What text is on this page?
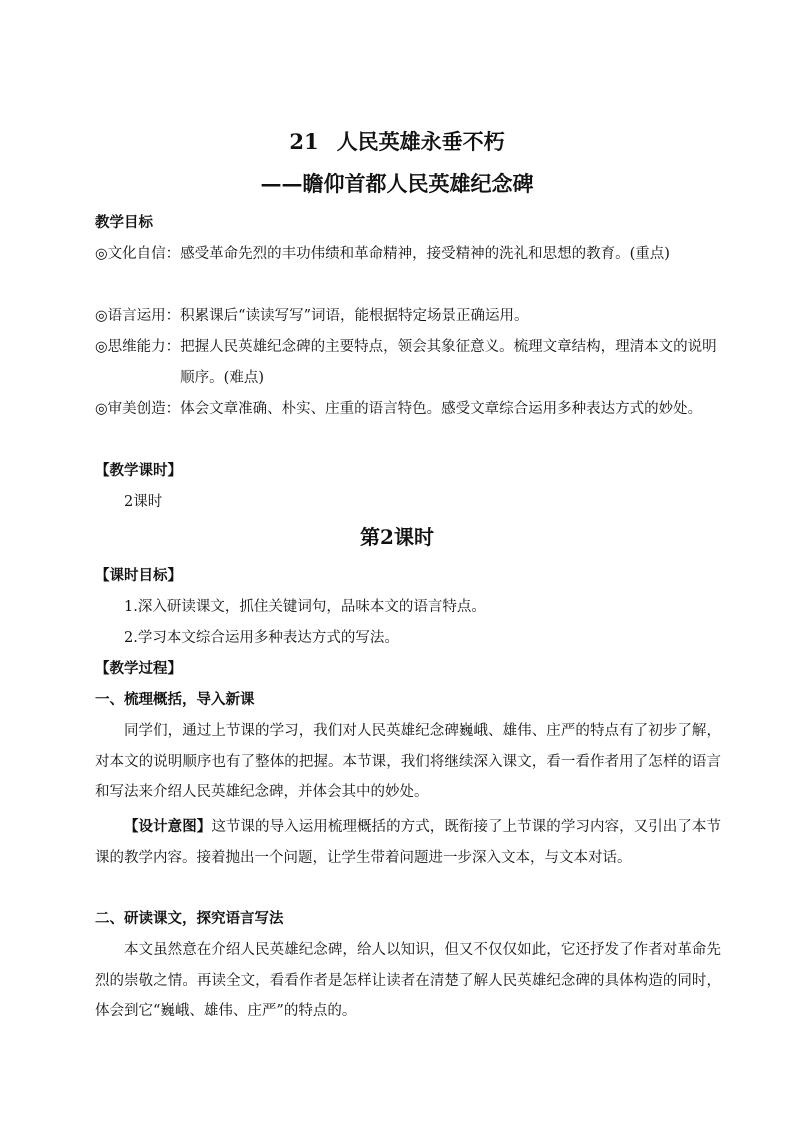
21 人民英雄永垂不朽
——瞻仰首都人民英雄纪念碑
教学目标
◎文化自信： 感受革命先烈的丰功伟绩和革命精神，接受精神的洗礼和思想的教育。(重点)
◎语言运用： 积累课后“读读写写”词语，能根据特定场景正确运用。
◎思维能力： 把握人民英雄纪念碑的主要特点，领会其象征意义。梳理文章结构，理清本文的说明顺序。(难点)
◎审美创造： 体会文章准确、朴实、庄重的语言特色。感受文章综合运用多种表达方式的妙处。
【教学课时】
2课时
第2课时
【课时目标】
1.深入研读课文，抓住关键词句，品味本文的语言特点。
2.学习本文综合运用多种表达方式的写法。
【教学过程】
一、梳理概括，导入新课
同学们，通过上节课的学习，我们对人民英雄纪念碑巍峨、雄伟、庄严的特点有了初步了解，对本文的说明顺序也有了整体的把握。本节课，我们将继续深入课文，看一看作者用了怎样的语言和写法来介绍人民英雄纪念碑，并体会其中的妙处。
【设计意图】这节课的导入运用梳理概括的方式，既衔接了上节课的学习内容，又引出了本节课的教学内容。接着抛出一个问题，让学生带着问题进一步深入文本，与文本对话。
二、研读课文，探究语言写法
本文虽然意在介绍人民英雄纪念碑，给人以知识，但又不仅仅如此，它还抒发了作者对革命先烈的崇敬之情。再读全文，看看作者是怎样让读者在清楚了解人民英雄纪念碑的具体构造的同时，体会到它“巍峨、雄伟、庄严”的特点的。
